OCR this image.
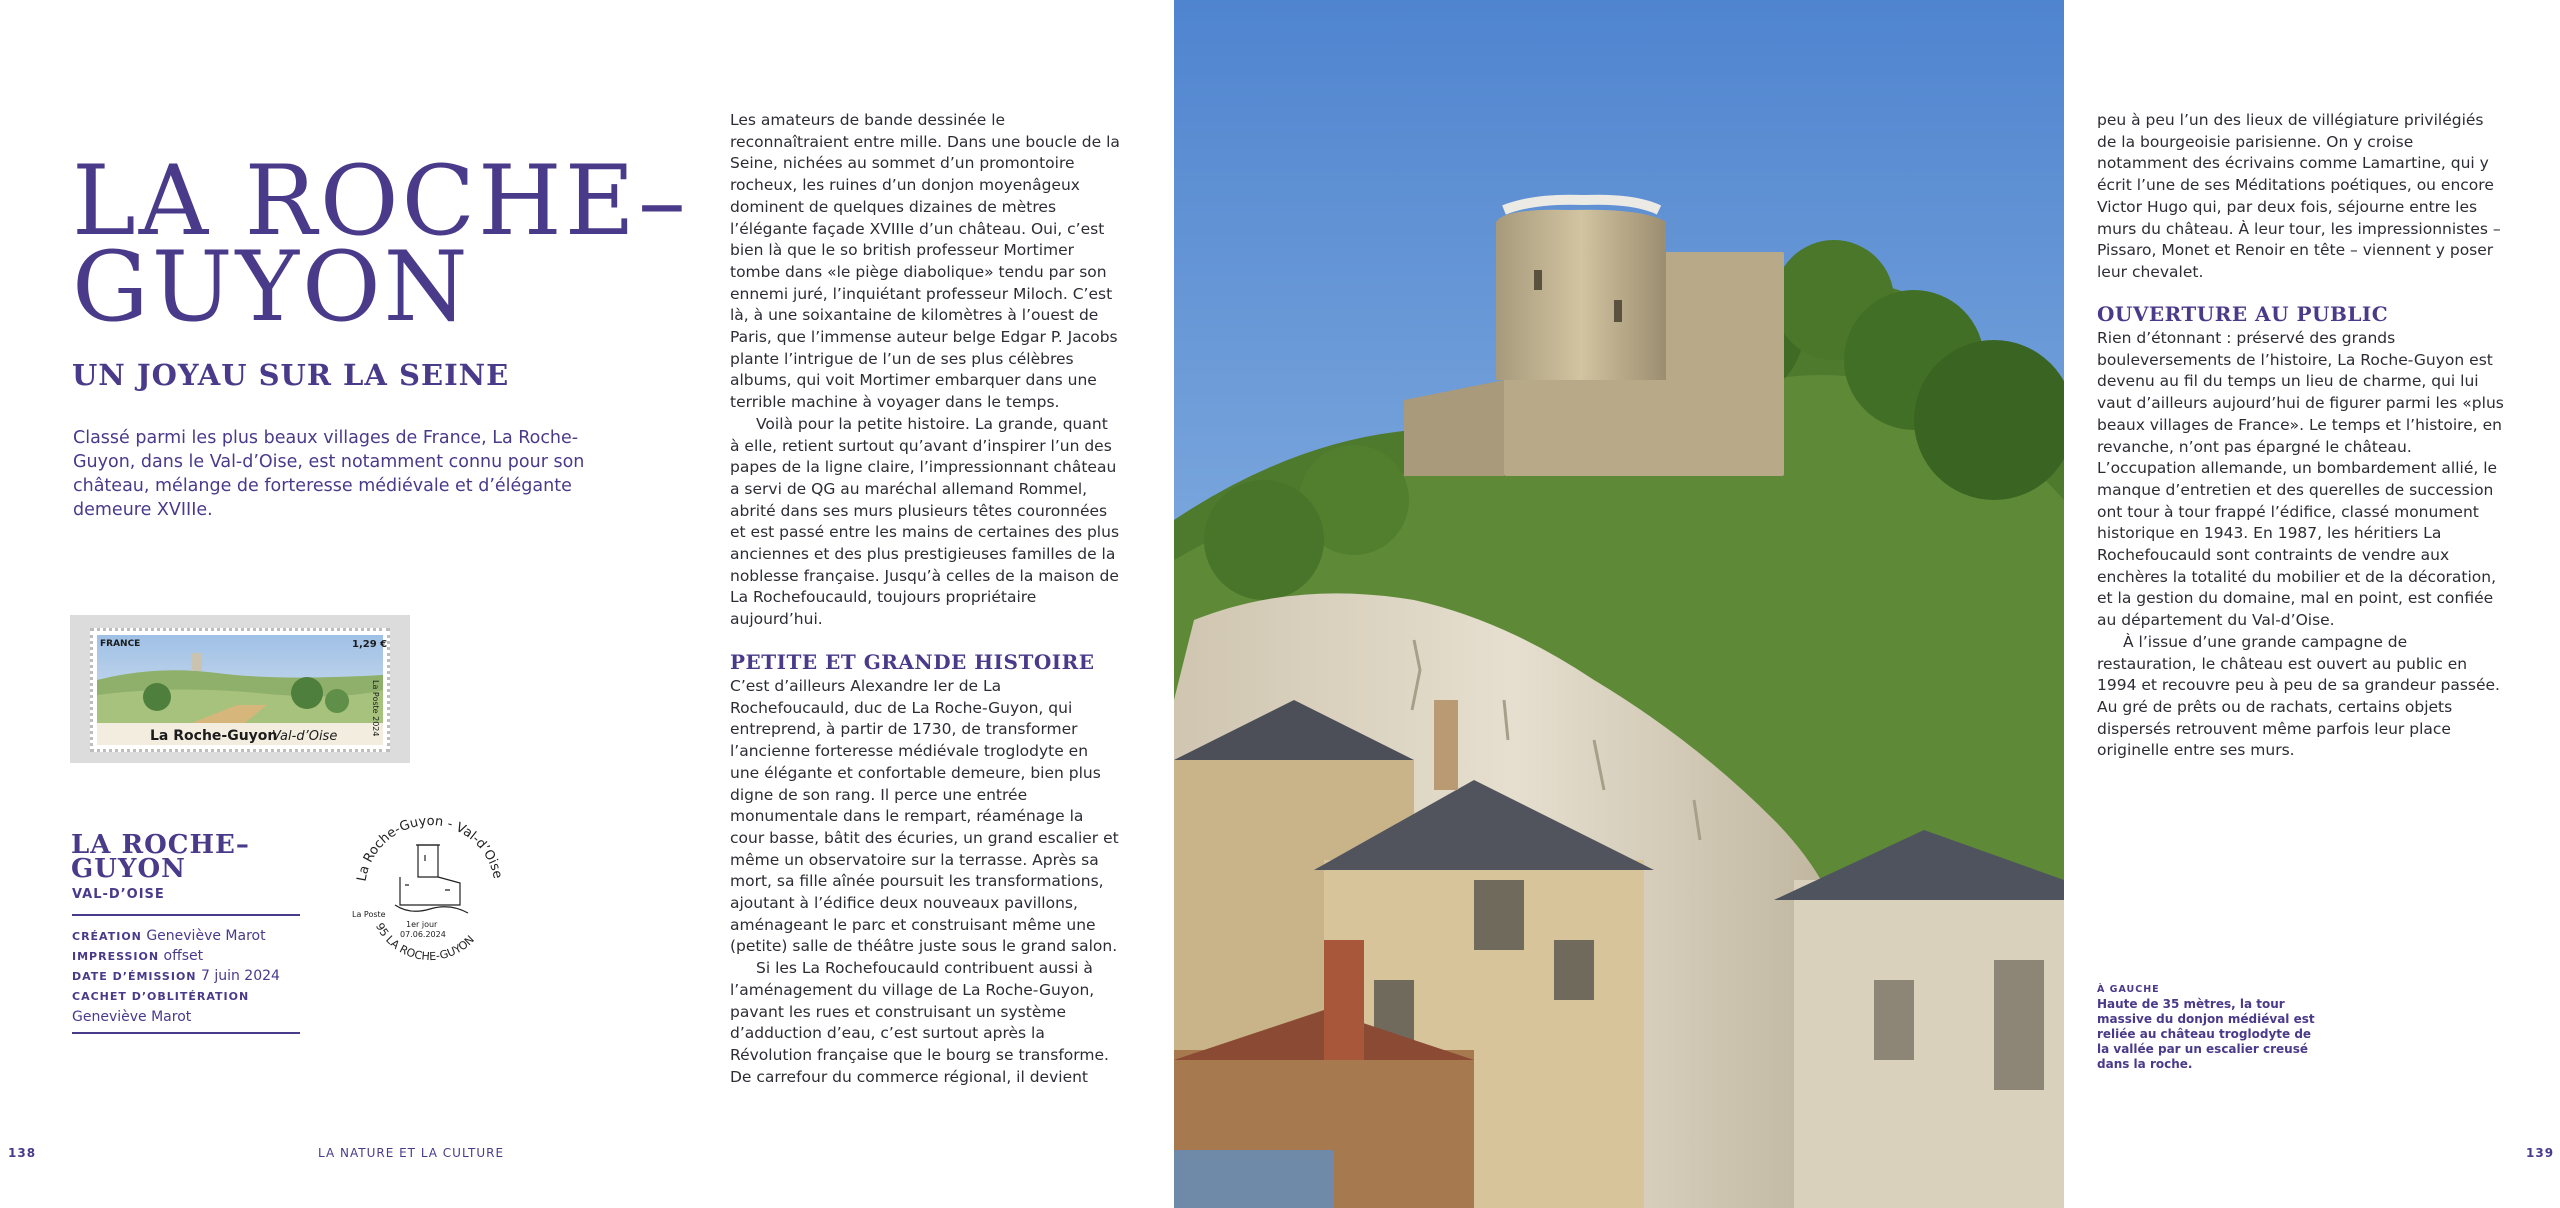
LA ROCHE–
GUYON
UN JOYAU SUR LA SEINE

Classé parmi les plus beaux villages de France, La Roche-Guyon, dans le Val-d’Oise, est notamment connu pour son château, mélange de forteresse médiévale et d’élégante demeure XVIIIe.

FRANCE	1,29 €
La Roche-Guyon
Val-d’Oise
La Poste 2024
LA ROCHE–
GUYON
VAL-D’OISE
CRÉATION Geneviève Marot
IMPRESSION offset
DATE D’ÉMISSION 7 juin 2024
CACHET D’OBLITÉRATION
Geneviève Marot
La Roche-Guyon - Val-d’Oise
95 LA ROCHE-GUYON
La Poste
1er jour
07.06.2024

Les amateurs de bande dessinée le reconnaîtraient entre mille. Dans une boucle de la Seine, nichées au sommet d’un promontoire rocheux, les ruines d’un donjon moyenâgeux dominent de quelques dizaines de mètres l’élégante façade XVIIIe d’un château. Oui, c’est bien là que le so british professeur Mortimer tombe dans «le piège diabolique» tendu par son ennemi juré, l’inquiétant professeur Miloch. C’est là, à une soixantaine de kilomètres à l’ouest de Paris, que l’immense auteur belge Edgar P. Jacobs plante l’intrigue de l’un de ses plus célèbres albums, qui voit Mortimer embarquer dans une terrible machine à voyager dans le temps.

Voilà pour la petite histoire. La grande, quant à elle, retient surtout qu’avant d’inspirer l’un des papes de la ligne claire, l’impressionnant château a servi de QG au maréchal allemand Rommel, abrité dans ses murs plusieurs têtes couronnées et est passé entre les mains de certaines des plus anciennes et des plus prestigieuses familles de la noblesse française. Jusqu’à celles de la maison de La Rochefoucauld, toujours propriétaire aujourd’hui.

PETITE ET GRANDE HISTOIRE

C’est d’ailleurs Alexandre Ier de La Rochefoucauld, duc de La Roche-Guyon, qui entreprend, à partir de 1730, de transformer l’ancienne forteresse médiévale troglodyte en une élégante et confortable demeure, bien plus digne de son rang. Il perce une entrée monumentale dans le rempart, réaménage la cour basse, bâtit des écuries, un grand escalier et même un observatoire sur la terrasse. Après sa mort, sa fille aînée poursuit les transformations, ajoutant à l’édifice deux nouveaux pavillons, aménageant le parc et construisant même une (petite) salle de théâtre juste sous le grand salon.

Si les La Rochefoucauld contribuent aussi à l’aménagement du village de La Roche-Guyon, pavant les rues et construisant un système d’adduction d’eau, c’est surtout après la Révolution française que le bourg se transforme. De carrefour du commerce régional, il devient

138	LA NATURE ET LA CULTURE

peu à peu l’un des lieux de villégiature privilégiés de la bourgeoisie parisienne. On y croise notamment des écrivains comme Lamartine, qui y écrit l’une de ses Méditations poétiques, ou encore Victor Hugo qui, par deux fois, séjourne entre les murs du château. À leur tour, les impressionnistes – Pissaro, Monet et Renoir en tête – viennent y poser leur chevalet.

OUVERTURE AU PUBLIC

Rien d’étonnant : préservé des grands bouleversements de l’histoire, La Roche-Guyon est devenu au fil du temps un lieu de charme, qui lui vaut d’ailleurs aujourd’hui de figurer parmi les «plus beaux villages de France». Le temps et l’histoire, en revanche, n’ont pas épargné le château. L’occupation allemande, un bombardement allié, le manque d’entretien et des querelles de succession ont tour à tour frappé l’édifice, classé monument historique en 1943. En 1987, les héritiers La Rochefoucauld sont contraints de vendre aux enchères la totalité du mobilier et de la décoration, et la gestion du domaine, mal en point, est confiée au département du Val-d’Oise.

À l’issue d’une grande campagne de restauration, le château est ouvert au public en 1994 et recouvre peu à peu de sa grandeur passée. Au gré de prêts ou de rachats, certains objets dispersés retrouvent même parfois leur place originelle entre ses murs.

À GAUCHE
Haute de 35 mètres, la tour massive du donjon médiéval est reliée au château troglodyte de la vallée par un escalier creusé dans la roche.
139
